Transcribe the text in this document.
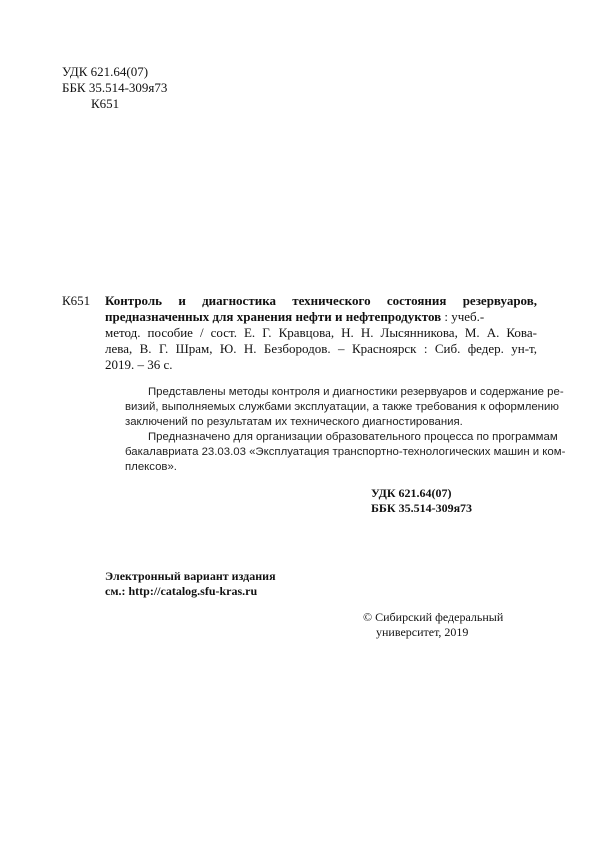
УДК 621.64(07)
ББК 35.514-309я73
К651
К651 Контроль и диагностика технического состояния резервуаров,
предназначенных для хранения нефти и нефтепродуктов : учеб.-
метод. пособие / сост. Е. Г. Кравцова, Н. Н. Лысянникова, М. А. Кова-
лева, В. Г. Шрам, Ю. Н. Безбородов. – Красноярск : Сиб. федер. ун-т,
2019. – 36 с.
Представлены методы контроля и диагностики резервуаров и содержание ре-
визий, выполняемых службами эксплуатации, а также требования к оформлению
заключений по результатам их технического диагностирования.
Предназначено для организации образовательного процесса по программам
бакалавриата 23.03.03 «Эксплуатация транспортно-технологических машин и ком-
плексов».
УДК 621.64(07)
ББК 35.514-309я73
Электронный вариант издания
см.: http://catalog.sfu-kras.ru
© Сибирский федеральный
университет, 2019
